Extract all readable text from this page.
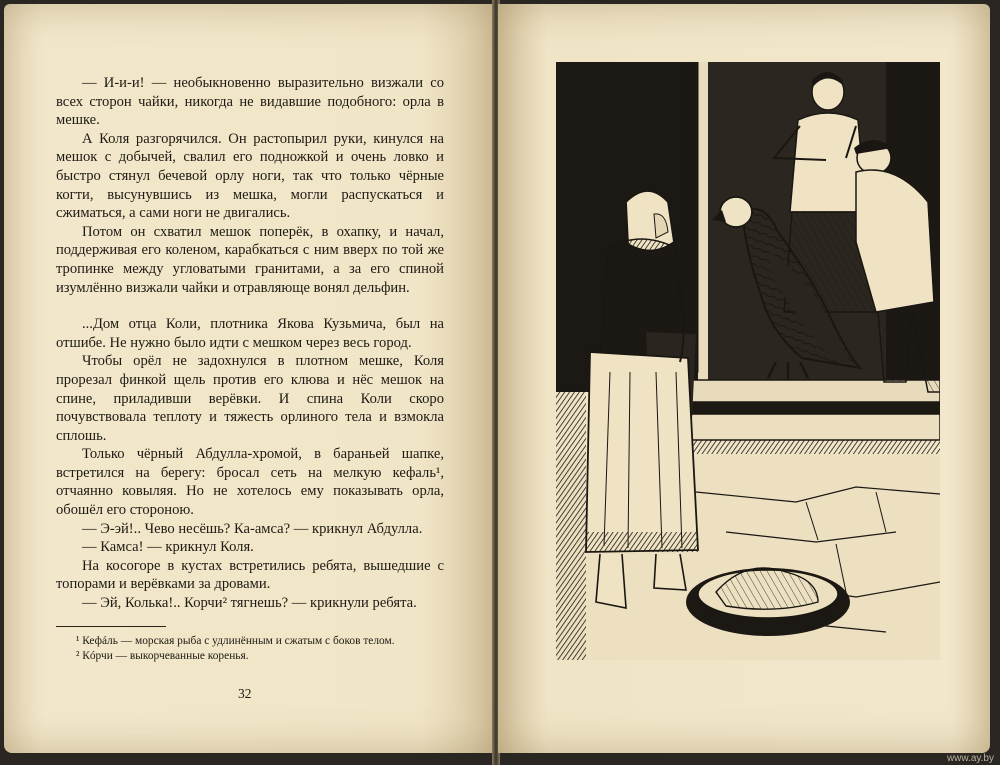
— И-и-и! — необыкновенно выразительно визжали со всех сторон чайки, никогда не видавшие подобного: орла в мешке.

А Коля разгорячился. Он растопырил руки, кинулся на мешок с добычей, свалил его подножкой и очень ловко и быстро стянул бечевой орлу ноги, так что только чёрные когти, высунувшись из мешка, могли распускаться и сжиматься, а сами ноги не двигались.

Потом он схватил мешок поперёк, в охапку, и начал, поддерживая его коленом, карабкаться с ним вверх по той же тропинке между угловатыми гранитами, а за его спиной изумлённо визжали чайки и отравляюще вонял дельфин.

...Дом отца Коли, плотника Якова Кузьмича, был на отшибе. Не нужно было идти с мешком через весь город.

Чтобы орёл не задохнулся в плотном мешке, Коля прорезал финкой щель против его клюва и нёс мешок на спине, приладивши верёвки. И спина Коли скоро почувствовала теплоту и тяжесть орлиного тела и взмокла сплошь.

Только чёрный Абдулла-хромой, в бараньей шапке, встретился на берегу: бросал сеть на мелкую кефаль¹, отчаянно ковыляя. Но не хотелось ему показывать орла, обошёл его стороною.

— Э-эй!.. Чево несёшь? Ка-амса? — крикнул Абдулла.

— Камса! — крикнул Коля.

На косогоре в кустах встретились ребята, вышедшие с топорами и верёвками за дровами.

— Эй, Колька!.. Корчи² тягнешь? — крикнули ребята.

¹ Кефáль — морская рыба с удлинённым и сжатым с боков телом.
² Кóрчи — выкорчеванные коренья.
32
www.ay.by
